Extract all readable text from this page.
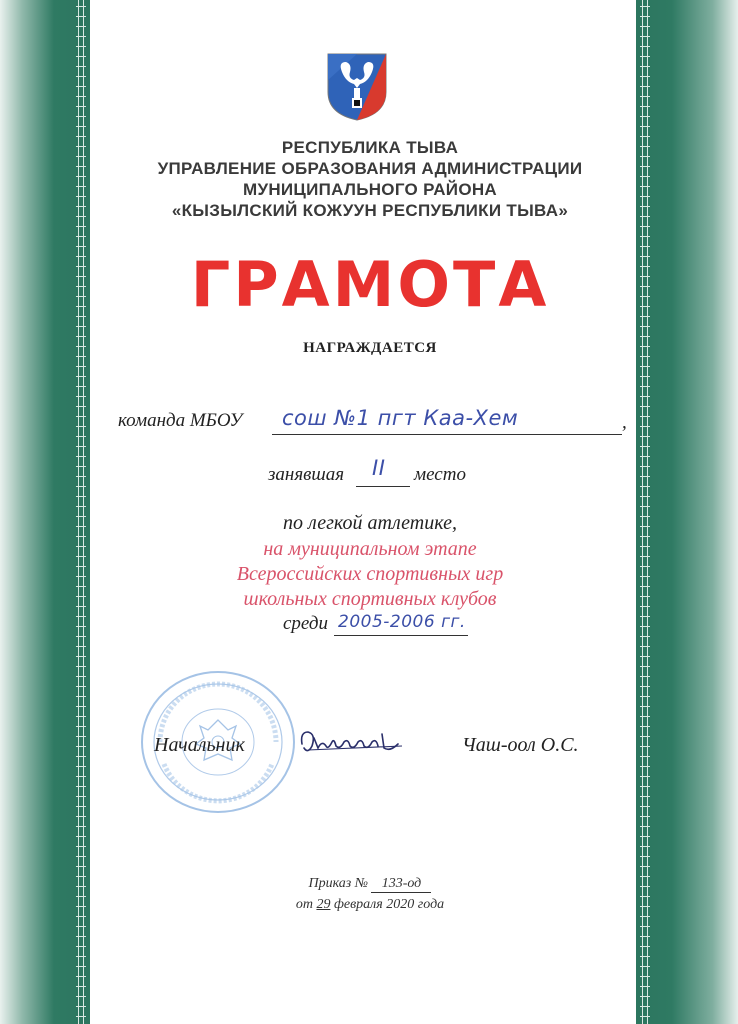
РЕСПУБЛИКА ТЫВА
УПРАВЛЕНИЕ ОБРАЗОВАНИЯ АДМИНИСТРАЦИИ
МУНИЦИПАЛЬНОГО РАЙОНА
«КЫЗЫЛСКИЙ КОЖУУН РЕСПУБЛИКИ ТЫВА»
ГРАМОТА
НАГРАЖДАЕТСЯ
команда МБОУ сош №1 пгт Каа-Хем	,
занявшая II место
по легкой атлетике,
на муниципальном этапе
Всероссийских спортивных игр
школьных спортивных клубов
среди 2005-2006 гг.
Начальник	Чаш-оол О.С.
Приказ № 133-од
от 29 февраля 2020 года
